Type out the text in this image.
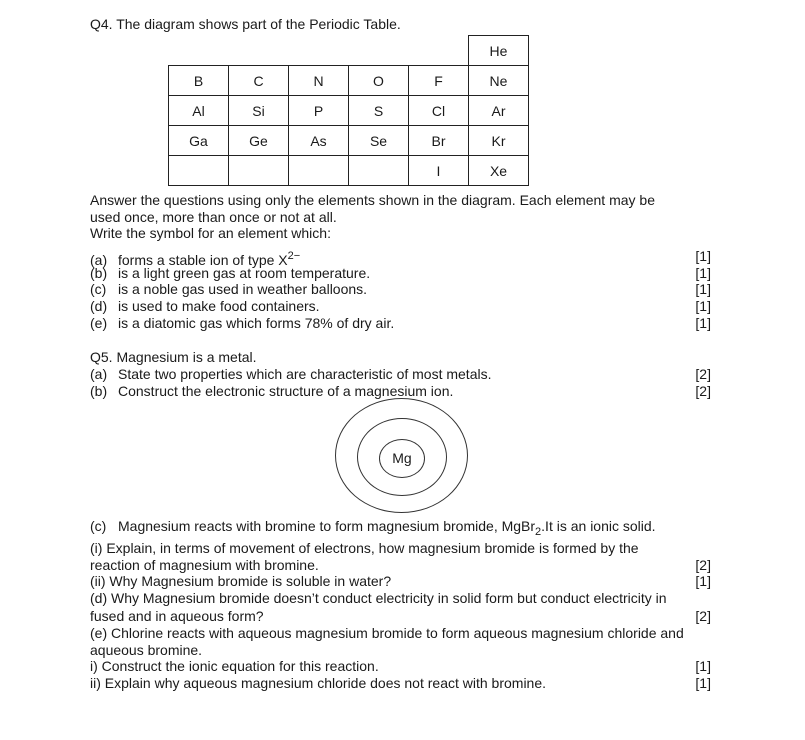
Q4. The diagram shows part of the Periodic Table.
					He
B	C	N	O	F	Ne
Al	Si	P	S	Cl	Ar
Ga	Ge	As	Se	Br	Kr
				I	Xe
Answer the questions using only the elements shown in the diagram. Each element may be
used once, more than once or not at all.
Write the symbol for an element which:
(a) forms a stable ion of type $X^{2-}$	[1]
(b) is a light green gas at room temperature.	[1]
(c) is a noble gas used in weather balloons.	[1]
(d) is used to make food containers.	[1]
(e) is a diatomic gas which forms 78% of dry air.	[1]
Q5. Magnesium is a metal.
(a) State two properties which are characteristic of most metals.	[2]
(b) Construct the electronic structure of a magnesium ion.	[2]
Mg
(c) Magnesium reacts with bromine to form magnesium bromide, MgBr$_2$.It is an ionic solid.
(i) Explain, in terms of movement of electrons, how magnesium bromide is formed by the
reaction of magnesium with bromine.	[2]
(ii) Why Magnesium bromide is soluble in water?	[1]
(d) Why Magnesium bromide doesn’t conduct electricity in solid form but conduct electricity in
fused and in aqueous form?	[2]
(e) Chlorine reacts with aqueous magnesium bromide to form aqueous magnesium chloride and
aqueous bromine.
i) Construct the ionic equation for this reaction.	[1]
ii) Explain why aqueous magnesium chloride does not react with bromine.	[1]
